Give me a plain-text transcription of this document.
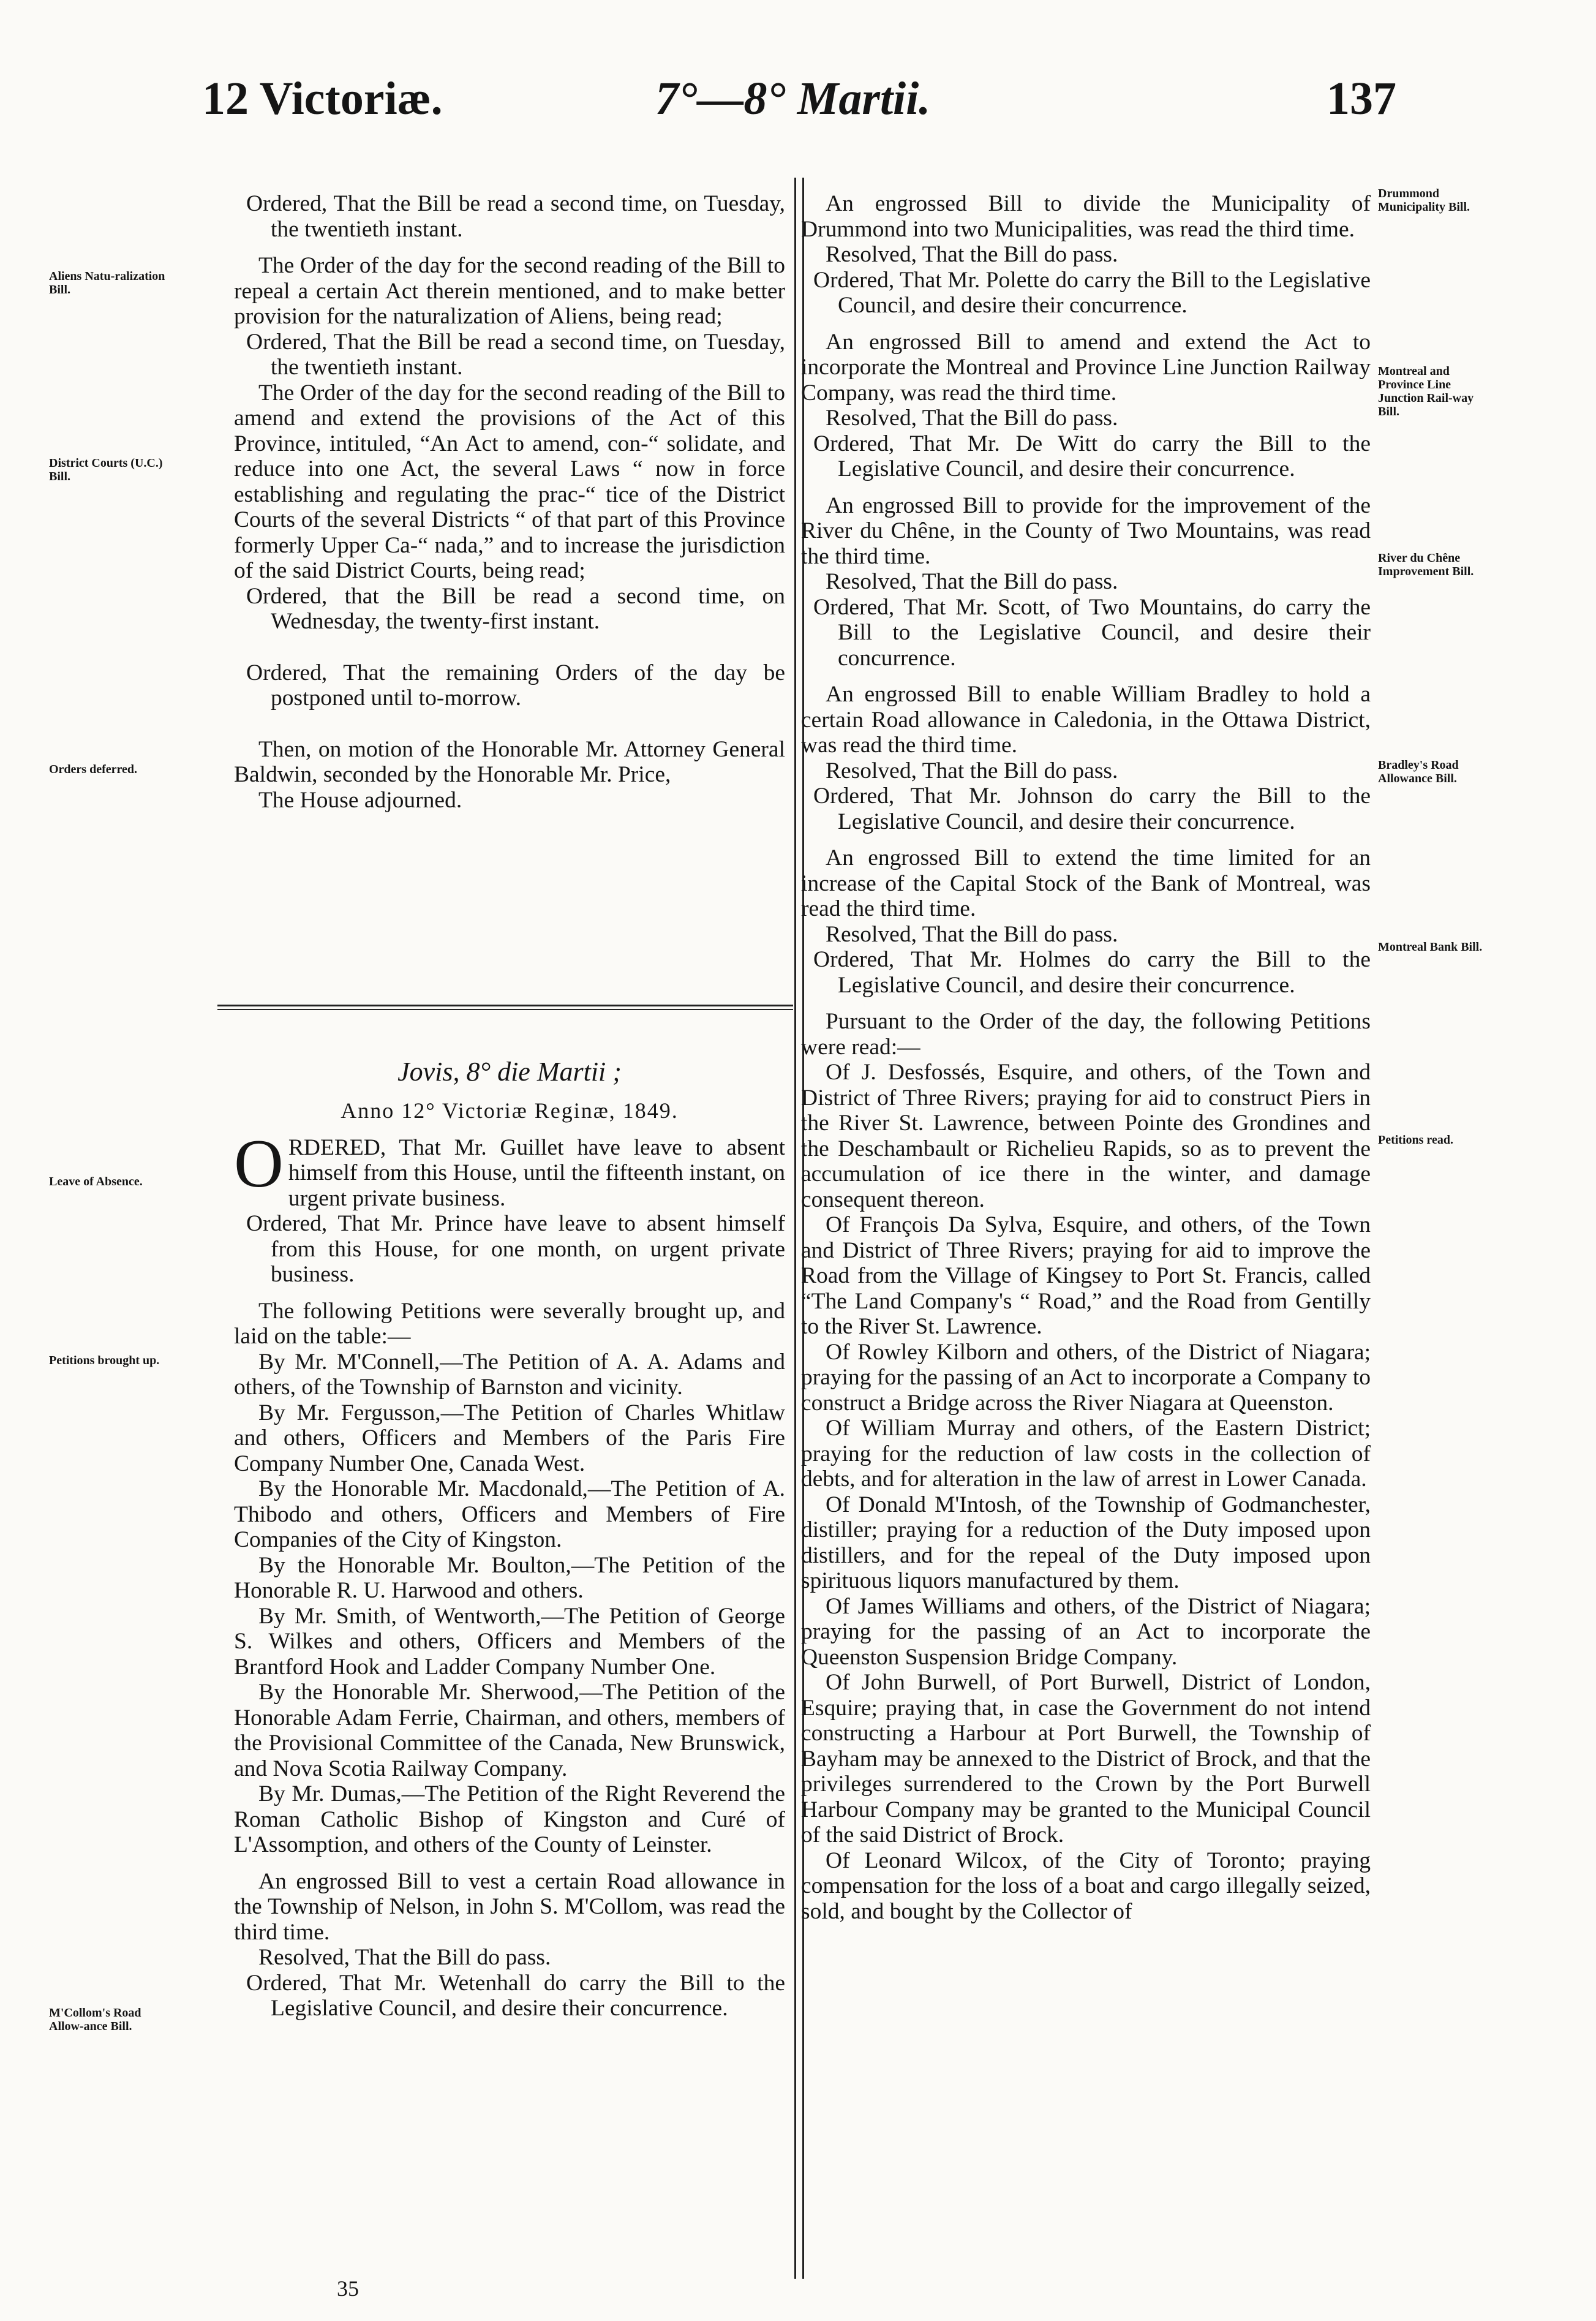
12 Victoriæ.	7°—8° Martii.	137
Aliens Natu-ralization Bill.
District Courts (U.C.) Bill.
Orders deferred.
Leave of Absence.
Petitions brought up.
M'Collom's Road Allow-ance Bill.
Drummond Municipality Bill.
Montreal and Province Line Junction Rail-way Bill.
River du Chêne Improvement Bill.
Bradley's Road Allowance Bill.
Montreal Bank Bill.
Petitions read.

Ordered, That the Bill be read a second time, on Tuesday, the twentieth instant.

The Order of the day for the second reading of the Bill to repeal a certain Act therein mentioned, and to make better provision for the naturalization of Aliens, being read;

Ordered, That the Bill be read a second time, on Tuesday, the twentieth instant.

The Order of the day for the second reading of the Bill to amend and extend the provisions of the Act of this Province, intituled, “An Act to amend, con-“ solidate, and reduce into one Act, the several Laws “ now in force establishing and regulating the prac-“ tice of the District Courts of the several Districts “ of that part of this Province formerly Upper Ca-“ nada,” and to increase the jurisdiction of the said District Courts, being read;

Ordered, that the Bill be read a second time, on Wednesday, the twenty-first instant.

Ordered, That the remaining Orders of the day be postponed until to-morrow.

Then, on motion of the Honorable Mr. Attorney General Baldwin, seconded by the Honorable Mr. Price,

The House adjourned.

Jovis, 8° die Martii ;

Anno 12° Victoriæ Reginæ, 1849.

ORDERED, That Mr. Guillet have leave to absent himself from this House, until the fifteenth instant, on urgent private business.

Ordered, That Mr. Prince have leave to absent himself from this House, for one month, on urgent private business.

The following Petitions were severally brought up, and laid on the table:—

By Mr. M'Connell,—The Petition of A. A. Adams and others, of the Township of Barnston and vicinity.

By Mr. Fergusson,—The Petition of Charles Whitlaw and others, Officers and Members of the Paris Fire Company Number One, Canada West.

By the Honorable Mr. Macdonald,—The Petition of A. Thibodo and others, Officers and Members of Fire Companies of the City of Kingston.

By the Honorable Mr. Boulton,—The Petition of the Honorable R. U. Harwood and others.

By Mr. Smith, of Wentworth,—The Petition of George S. Wilkes and others, Officers and Members of the Brantford Hook and Ladder Company Number One.

By the Honorable Mr. Sherwood,—The Petition of the Honorable Adam Ferrie, Chairman, and others, members of the Provisional Committee of the Canada, New Brunswick, and Nova Scotia Railway Company.

By Mr. Dumas,—The Petition of the Right Reverend the Roman Catholic Bishop of Kingston and Curé of L'Assomption, and others of the County of Leinster.

An engrossed Bill to vest a certain Road allowance in the Township of Nelson, in John S. M'Collom, was read the third time.

Resolved, That the Bill do pass.

Ordered, That Mr. Wetenhall do carry the Bill to the Legislative Council, and desire their concurrence.

35

An engrossed Bill to divide the Municipality of Drummond into two Municipalities, was read the third time.

Resolved, That the Bill do pass.

Ordered, That Mr. Polette do carry the Bill to the Legislative Council, and desire their concurrence.

An engrossed Bill to amend and extend the Act to incorporate the Montreal and Province Line Junction Railway Company, was read the third time.

Resolved, That the Bill do pass.

Ordered, That Mr. De Witt do carry the Bill to the Legislative Council, and desire their concurrence.

An engrossed Bill to provide for the improvement of the River du Chêne, in the County of Two Mountains, was read the third time.

Resolved, That the Bill do pass.

Ordered, That Mr. Scott, of Two Mountains, do carry the Bill to the Legislative Council, and desire their concurrence.

An engrossed Bill to enable William Bradley to hold a certain Road allowance in Caledonia, in the Ottawa District, was read the third time.

Resolved, That the Bill do pass.

Ordered, That Mr. Johnson do carry the Bill to the Legislative Council, and desire their concurrence.

An engrossed Bill to extend the time limited for an increase of the Capital Stock of the Bank of Montreal, was read the third time.

Resolved, That the Bill do pass.

Ordered, That Mr. Holmes do carry the Bill to the Legislative Council, and desire their concurrence.

Pursuant to the Order of the day, the following Petitions were read:—

Of J. Desfossés, Esquire, and others, of the Town and District of Three Rivers; praying for aid to construct Piers in the River St. Lawrence, between Pointe des Grondines and the Deschambault or Richelieu Rapids, so as to prevent the accumulation of ice there in the winter, and damage consequent thereon.

Of François Da Sylva, Esquire, and others, of the Town and District of Three Rivers; praying for aid to improve the Road from the Village of Kingsey to Port St. Francis, called “The Land Company's “ Road,” and the Road from Gentilly to the River St. Lawrence.

Of Rowley Kilborn and others, of the District of Niagara; praying for the passing of an Act to incorporate a Company to construct a Bridge across the River Niagara at Queenston.

Of William Murray and others, of the Eastern District; praying for the reduction of law costs in the collection of debts, and for alteration in the law of arrest in Lower Canada.

Of Donald M'Intosh, of the Township of Godmanchester, distiller; praying for a reduction of the Duty imposed upon distillers, and for the repeal of the Duty imposed upon spirituous liquors manufactured by them.

Of James Williams and others, of the District of Niagara; praying for the passing of an Act to incorporate the Queenston Suspension Bridge Company.

Of John Burwell, of Port Burwell, District of London, Esquire; praying that, in case the Government do not intend constructing a Harbour at Port Burwell, the Township of Bayham may be annexed to the District of Brock, and that the privileges surrendered to the Crown by the Port Burwell Harbour Company may be granted to the Municipal Council of the said District of Brock.

Of Leonard Wilcox, of the City of Toronto; praying compensation for the loss of a boat and cargo illegally seized, sold, and bought by the Collector of
